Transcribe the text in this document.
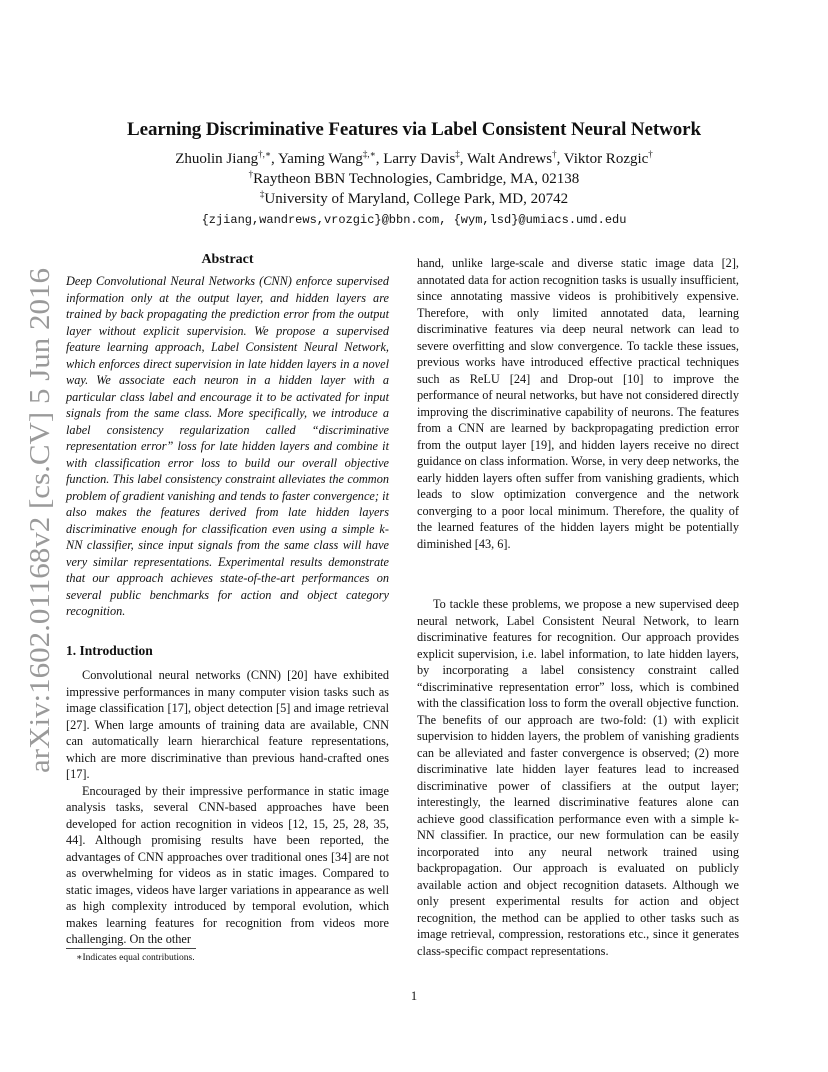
arXiv:1602.01168v2 [cs.CV] 5 Jun 2016
Learning Discriminative Features via Label Consistent Neural Network
Zhuolin Jiang†,∗, Yaming Wang‡,∗, Larry Davis‡, Walt Andrews†, Viktor Rozgic†
†Raytheon BBN Technologies, Cambridge, MA, 02138
‡University of Maryland, College Park, MD, 20742
{zjiang,wandrews,vrozgic}@bbn.com, {wym,lsd}@umiacs.umd.edu
Abstract

Deep Convolutional Neural Networks (CNN) enforce supervised information only at the output layer, and hidden layers are trained by back propagating the prediction error from the output layer without explicit supervision. We propose a supervised feature learning approach, Label Consistent Neural Network, which enforces direct supervision in late hidden layers in a novel way. We associate each neuron in a hidden layer with a particular class label and encourage it to be activated for input signals from the same class. More specifically, we introduce a label consistency regularization called “discriminative representation error” loss for late hidden layers and combine it with classification error loss to build our overall objective function. This label consistency constraint alleviates the common problem of gradient vanishing and tends to faster convergence; it also makes the features derived from late hidden layers discriminative enough for classification even using a simple k-NN classifier, since input signals from the same class will have very similar representations. Experimental results demonstrate that our approach achieves state-of-the-art performances on several public benchmarks for action and object category recognition.

1. Introduction

Convolutional neural networks (CNN) [20] have exhibited impressive performances in many computer vision tasks such as image classification [17], object detection [5] and image retrieval [27]. When large amounts of training data are available, CNN can automatically learn hierarchical feature representations, which are more discriminative than previous hand-crafted ones [17].

Encouraged by their impressive performance in static image analysis tasks, several CNN-based approaches have been developed for action recognition in videos [12, 15, 25, 28, 35, 44]. Although promising results have been reported, the advantages of CNN approaches over traditional ones [34] are not as overwhelming for videos as in static images. Compared to static images, videos have larger variations in appearance as well as high complexity introduced by temporal evolution, which makes learning features for recognition from videos more challenging. On the other

hand, unlike large-scale and diverse static image data [2], annotated data for action recognition tasks is usually insufficient, since annotating massive videos is prohibitively expensive. Therefore, with only limited annotated data, learning discriminative features via deep neural network can lead to severe overfitting and slow convergence. To tackle these issues, previous works have introduced effective practical techniques such as ReLU [24] and Drop-out [10] to improve the performance of neural networks, but have not considered directly improving the discriminative capability of neurons. The features from a CNN are learned by backpropagating prediction error from the output layer [19], and hidden layers receive no direct guidance on class information. Worse, in very deep networks, the early hidden layers often suffer from vanishing gradients, which leads to slow optimization convergence and the network converging to a poor local minimum. Therefore, the quality of the learned features of the hidden layers might be potentially diminished [43, 6].

To tackle these problems, we propose a new supervised deep neural network, Label Consistent Neural Network, to learn discriminative features for recognition. Our approach provides explicit supervision, i.e. label information, to late hidden layers, by incorporating a label consistency constraint called “discriminative representation error” loss, which is combined with the classification loss to form the overall objective function. The benefits of our approach are two-fold: (1) with explicit supervision to hidden layers, the problem of vanishing gradients can be alleviated and faster convergence is observed; (2) more discriminative late hidden layer features lead to increased discriminative power of classifiers at the output layer; interestingly, the learned discriminative features alone can achieve good classification performance even with a simple k-NN classifier. In practice, our new formulation can be easily incorporated into any neural network trained using backpropagation. Our approach is evaluated on publicly available action and object recognition datasets. Although we only present experimental results for action and object recognition, the method can be applied to other tasks such as image retrieval, compression, restorations etc., since it generates class-specific compact representations.

∗Indicates equal contributions.
1
